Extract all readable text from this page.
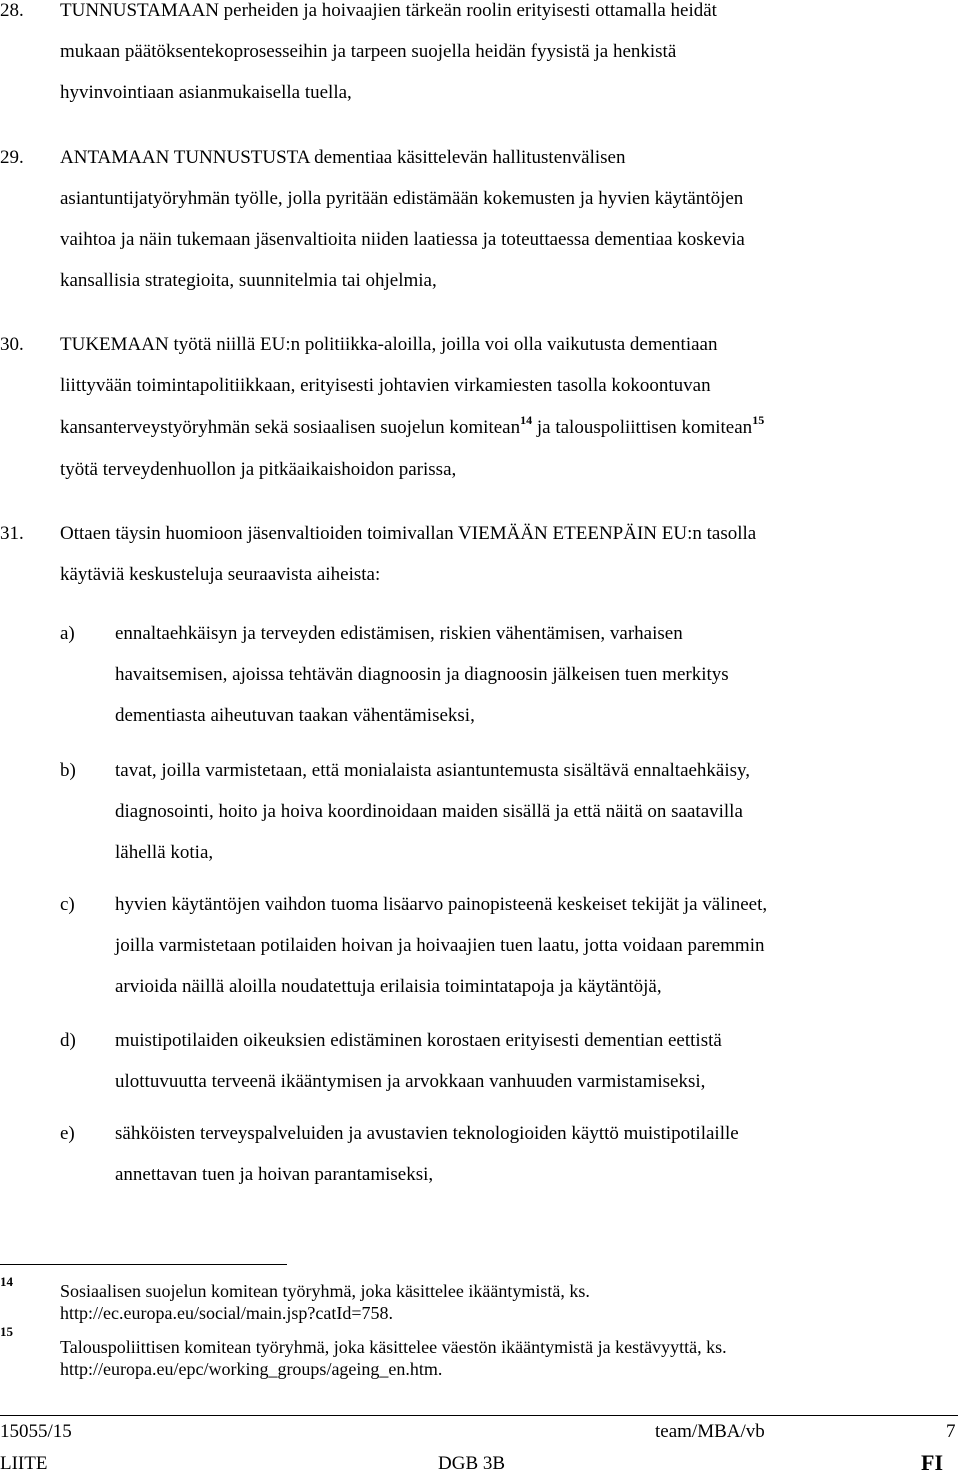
28. TUNNUSTAMAAN perheiden ja hoivaajien tärkeän roolin erityisesti ottamalla heidät
mukaan päätöksentekoprosesseihin ja tarpeen suojella heidän fyysistä ja henkistä
hyvinvointiaan asianmukaisella tuella,
29. ANTAMAAN TUNNUSTUSTA dementiaa käsittelevän hallitustenvälisen
asiantuntijatyöryhmän työlle, jolla pyritään edistämään kokemusten ja hyvien käytäntöjen
vaihtoa ja näin tukemaan jäsenvaltioita niiden laatiessa ja toteuttaessa dementiaa koskevia
kansallisia strategioita, suunnitelmia tai ohjelmia,
30. TUKEMAAN työtä niillä EU:n politiikka-aloilla, joilla voi olla vaikutusta dementiaan
liittyvään toimintapolitiikkaan, erityisesti johtavien virkamiesten tasolla kokoontuvan
kansanterveystyöryhmän sekä sosiaalisen suojelun komitean$^{14}$ ja talouspoliittisen komitean$^{15}$
työtä terveydenhuollon ja pitkäaikaishoidon parissa,
31. Ottaen täysin huomioon jäsenvaltioiden toimivallan VIEMÄÄN ETEENPÄIN EU:n tasolla
käytäviä keskusteluja seuraavista aiheista:
a) ennaltaehkäisyn ja terveyden edistämisen, riskien vähentämisen, varhaisen
havaitsemisen, ajoissa tehtävän diagnoosin ja diagnoosin jälkeisen tuen merkitys
dementiasta aiheutuvan taakan vähentämiseksi,
b) tavat, joilla varmistetaan, että monialaista asiantuntemusta sisältävä ennaltaehkäisy,
diagnosointi, hoito ja hoiva koordinoidaan maiden sisällä ja että näitä on saatavilla
lähellä kotia,
c) hyvien käytäntöjen vaihdon tuoma lisäarvo painopisteenä keskeiset tekijät ja välineet,
joilla varmistetaan potilaiden hoivan ja hoivaajien tuen laatu, jotta voidaan paremmin
arvioida näillä aloilla noudatettuja erilaisia toimintatapoja ja käytäntöjä,
d) muistipotilaiden oikeuksien edistäminen korostaen erityisesti dementian eettistä
ulottuvuutta terveenä ikääntymisen ja arvokkaan vanhuuden varmistamiseksi,
e) sähköisten terveyspalveluiden ja avustavien teknologioiden käyttö muistipotilaille
annettavan tuen ja hoivan parantamiseksi,
14	Sosiaalisen suojelun komitean työryhmä, joka käsittelee ikääntymistä, ks.
http://ec.europa.eu/social/main.jsp?catId=758.
15
Talouspoliittisen komitean työryhmä, joka käsittelee väestön ikääntymistä ja kestävyyttä, ks.
http://europa.eu/epc/working_groups/ageing_en.htm.
15055/15	team/MBA/vb	7
LIITE	DGB 3B	FI
